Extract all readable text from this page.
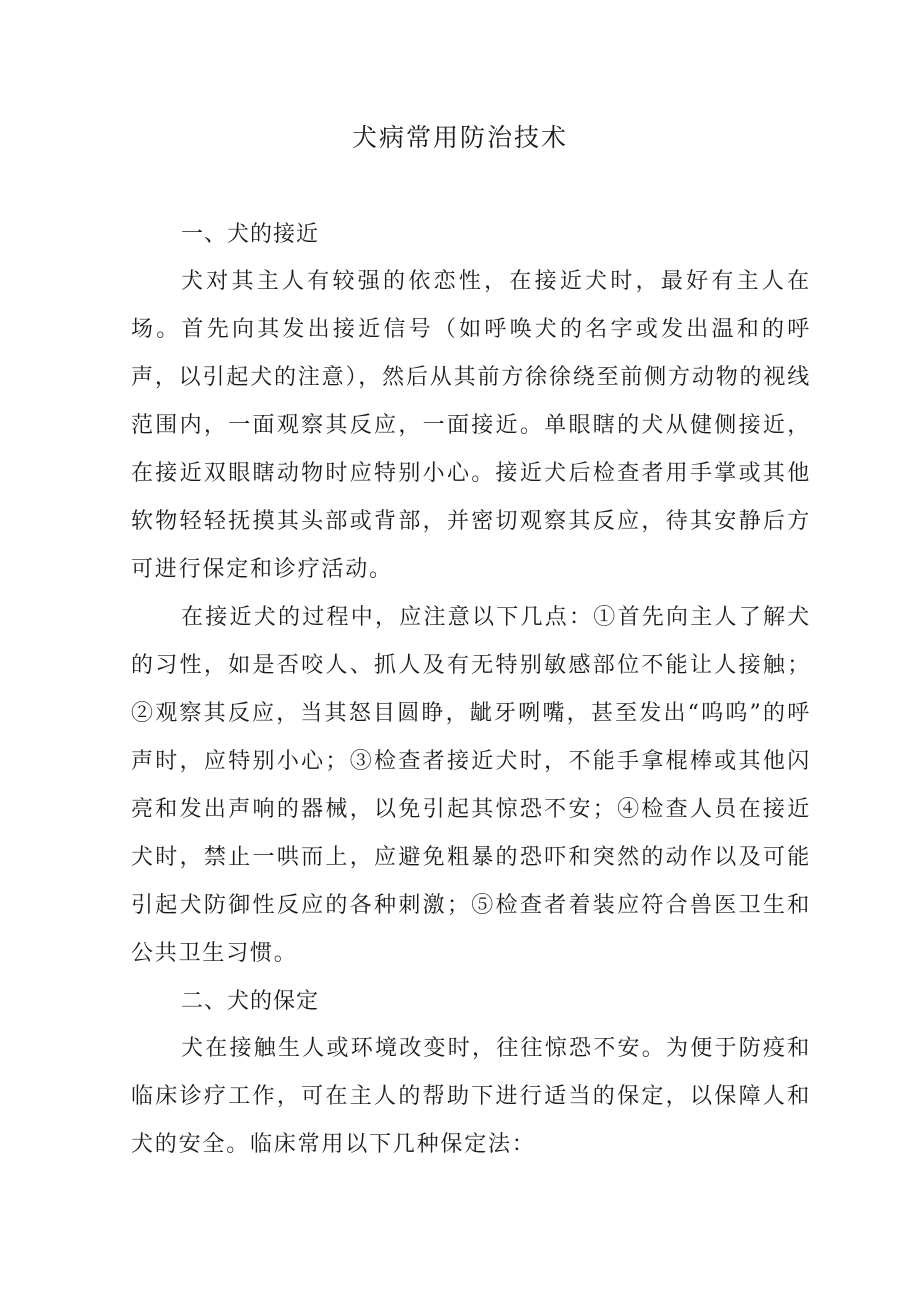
犬病常用防治技术
一、犬的接近

犬对其主人有较强的依恋性，在接近犬时，最好有主人在场。首先向其发出接近信号（如呼唤犬的名字或发出温和的呼声，以引起犬的注意），然后从其前方徐徐绕至前侧方动物的视线范围内，一面观察其反应，一面接近。单眼瞎的犬从健侧接近，在接近双眼瞎动物时应特别小心。接近犬后检查者用手掌或其他软物轻轻抚摸其头部或背部，并密切观察其反应，待其安静后方可进行保定和诊疗活动。

在接近犬的过程中，应注意以下几点：①首先向主人了解犬的习性，如是否咬人、抓人及有无特别敏感部位不能让人接触；②观察其反应，当其怒目圆睁，龇牙咧嘴，甚至发出“呜呜”的呼声时，应特别小心；③检查者接近犬时，不能手拿棍棒或其他闪亮和发出声响的器械，以免引起其惊恐不安；④检查人员在接近犬时，禁止一哄而上，应避免粗暴的恐吓和突然的动作以及可能引起犬防御性反应的各种刺激；⑤检查者着装应符合兽医卫生和公共卫生习惯。

二、犬的保定

犬在接触生人或环境改变时，往往惊恐不安。为便于防疫和临床诊疗工作，可在主人的帮助下进行适当的保定，以保障人和犬的安全。临床常用以下几种保定法：
